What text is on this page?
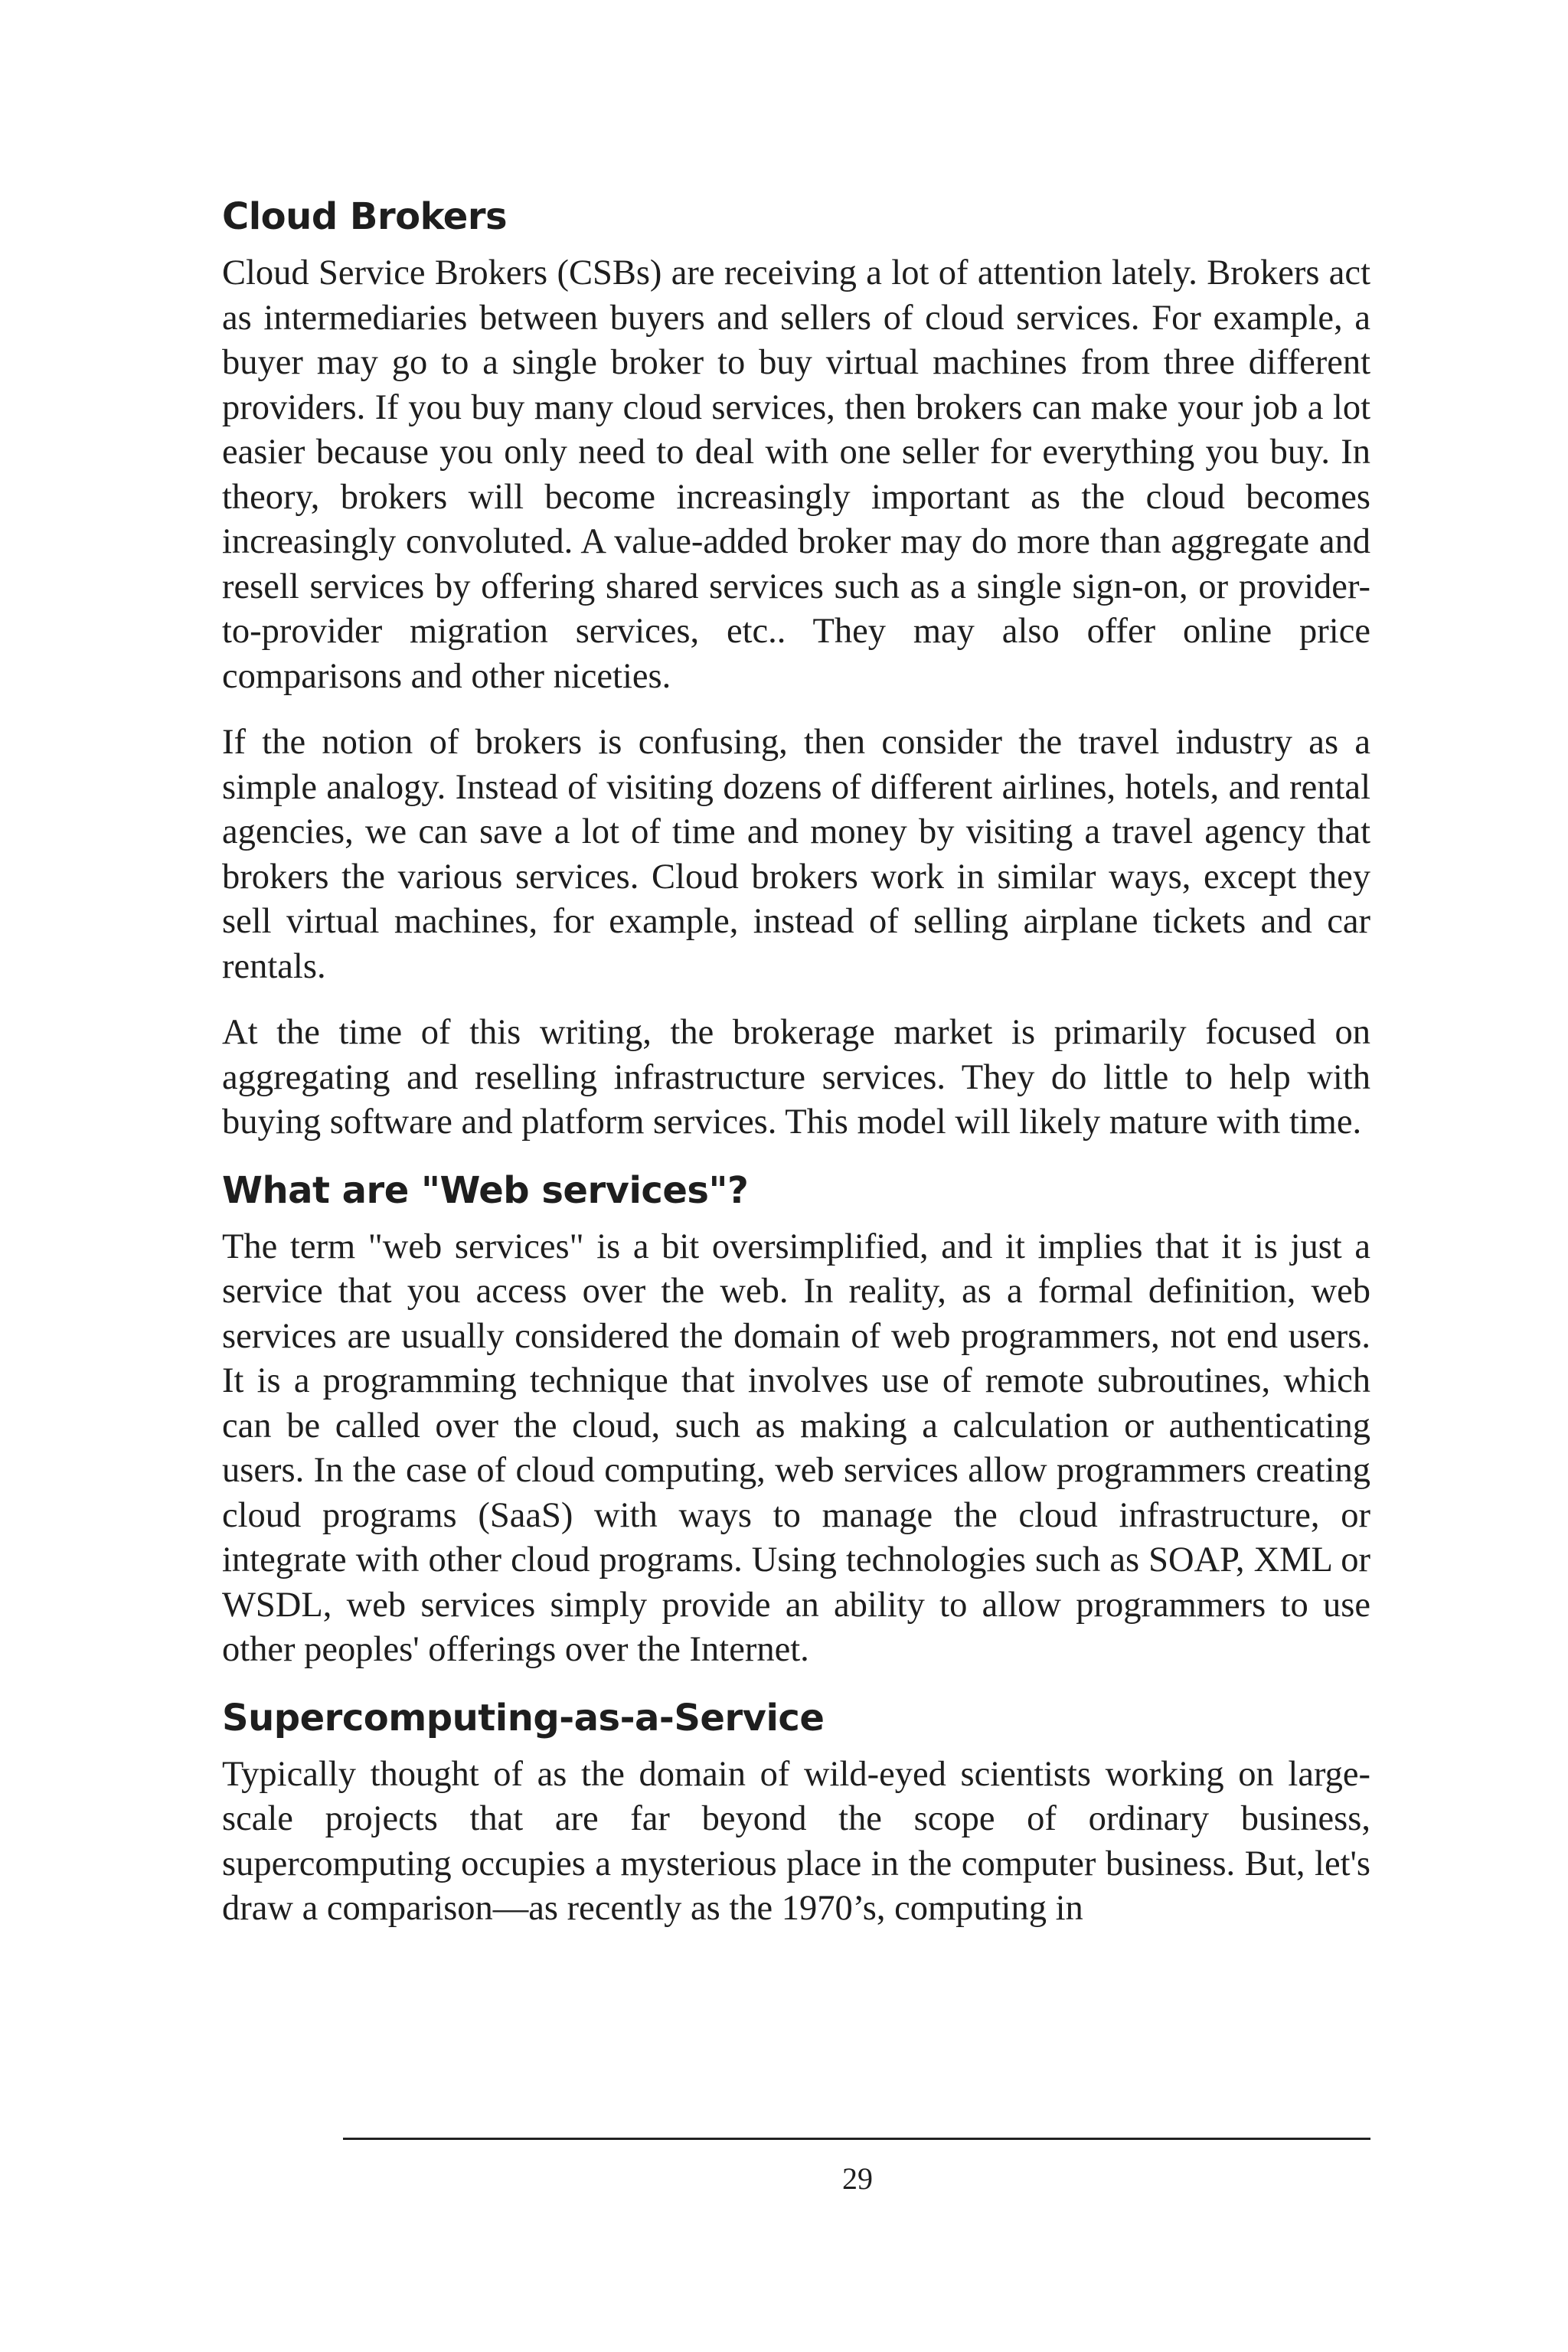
Cloud Brokers

Cloud Service Brokers (CSBs) are receiving a lot of attention lately. Brokers act as intermediaries between buyers and sellers of cloud services. For example, a buyer may go to a single broker to buy virtual machines from three different providers. If you buy many cloud services, then brokers can make your job a lot easier because you only need to deal with one seller for everything you buy. In theory, brokers will become increasingly important as the cloud becomes increasingly convoluted. A value-added broker may do more than aggregate and resell services by offering shared services such as a single sign-on, or provider-to-provider migration services, etc.. They may also offer online price comparisons and other niceties.

If the notion of brokers is confusing, then consider the travel industry as a simple analogy. Instead of visiting dozens of different airlines, hotels, and rental agencies, we can save a lot of time and money by visiting a travel agency that brokers the various services. Cloud brokers work in similar ways, except they sell virtual machines, for example, instead of selling airplane tickets and car rentals.

At the time of this writing, the brokerage market is primarily focused on aggregating and reselling infrastructure services. They do little to help with buying software and platform services. This model will likely mature with time.

What are "Web services"?

The term "web services" is a bit oversimplified, and it implies that it is just a service that you access over the web. In reality, as a formal definition, web services are usually considered the domain of web programmers, not end users. It is a programming technique that involves use of remote subroutines, which can be called over the cloud, such as making a calculation or authenticating users. In the case of cloud computing, web services allow programmers creating cloud programs (SaaS) with ways to manage the cloud infrastructure, or integrate with other cloud programs. Using technologies such as SOAP, XML or WSDL, web services simply provide an ability to allow programmers to use other peoples' offerings over the Internet.

Supercomputing-as-a-Service

Typically thought of as the domain of wild-eyed scientists working on large-scale projects that are far beyond the scope of ordinary business, supercomputing occupies a mysterious place in the computer business. But, let's draw a comparison—as recently as the 1970’s, computing in

29
